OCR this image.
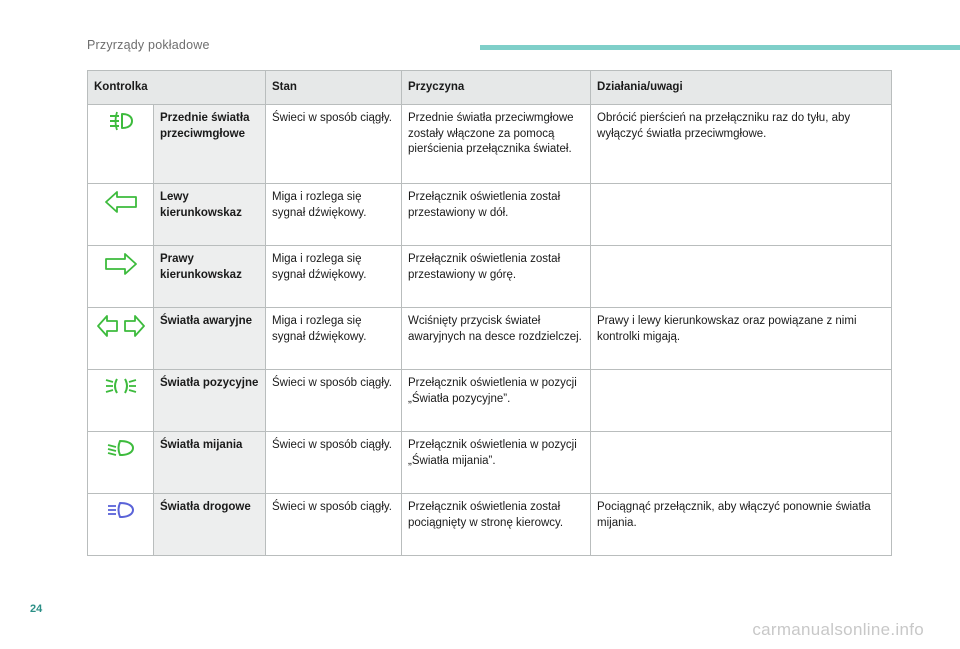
Przyrządy pokładowe
Kontrolka		Stan	Przyczyna	Działania/uwagi

	Przednie światła przeciwmgłowe	Świeci w sposób ciągły.	Przednie światła przeciwmgłowe zostały włączone za pomocą pierścienia przełącznika świateł.	Obrócić pierścień na przełączniku raz do tyłu, aby wyłączyć światła przeciwmgłowe.

	Lewy kierunkowskaz	Miga i rozlega się sygnał dźwiękowy.	Przełącznik oświetlenia został przestawiony w dół.	

	Prawy kierunkowskaz	Miga i rozlega się sygnał dźwiękowy.	Przełącznik oświetlenia został przestawiony w górę.	

	Światła awaryjne	Miga i rozlega się sygnał dźwiękowy.	Wciśnięty przycisk świateł awaryjnych na desce rozdzielczej.	Prawy i lewy kierunkowskaz oraz powiązane z nimi kontrolki migają.

	Światła pozycyjne	Świeci w sposób ciągły.	Przełącznik oświetlenia w pozycji „Światła pozycyjne”.	

	Światła mijania	Świeci w sposób ciągły.	Przełącznik oświetlenia w pozycji „Światła mijania”.	

	Światła drogowe	Świeci w sposób ciągły.	Przełącznik oświetlenia został pociągnięty w stronę kierowcy.	Pociągnąć przełącznik, aby włączyć ponownie światła mijania.
24
carmanualsonline.info
